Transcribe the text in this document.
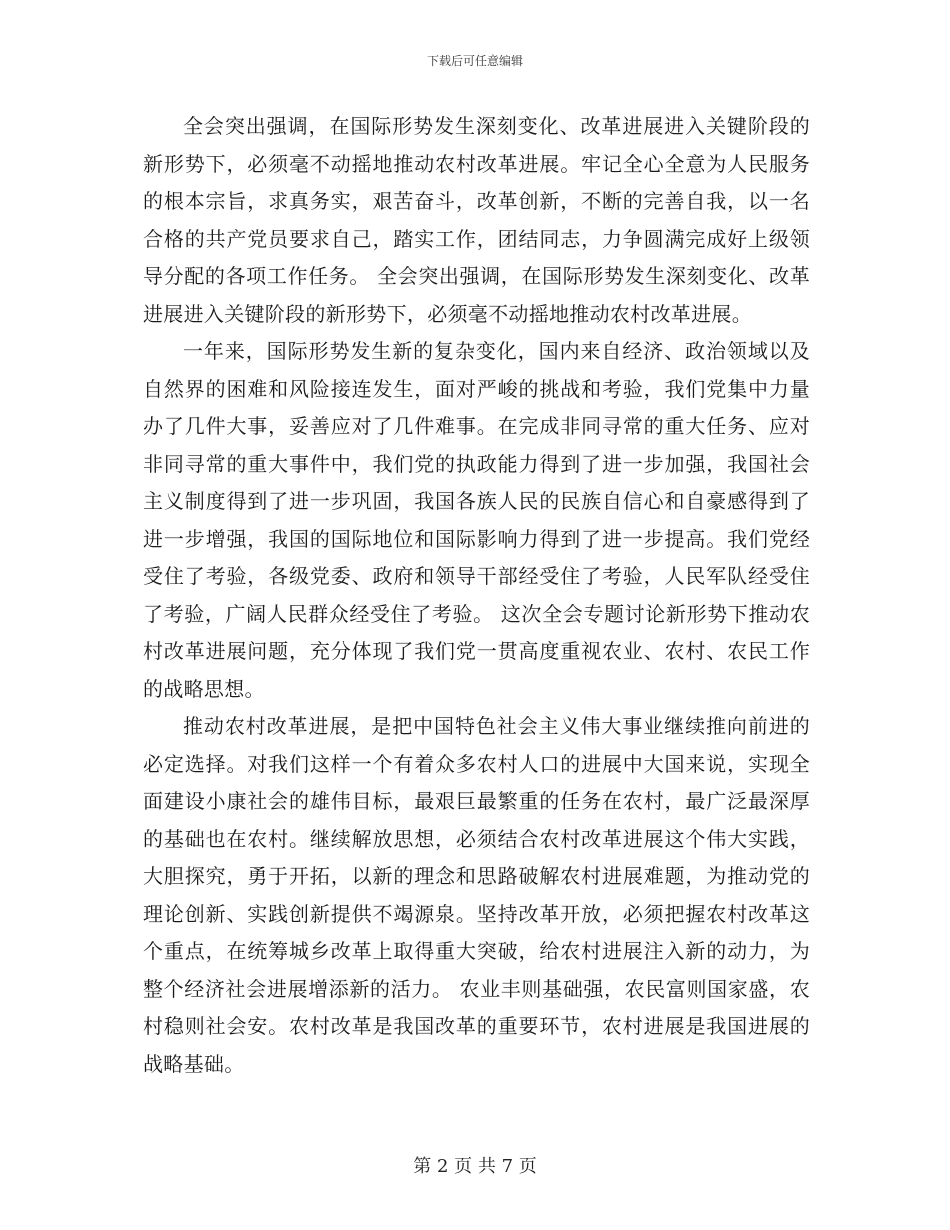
下载后可任意编辑

全会突出强调，在国际形势发生深刻变化、改革进展进入关键阶段的新形势下，必须毫不动摇地推动农村改革进展。牢记全心全意为人民服务的根本宗旨，求真务实，艰苦奋斗，改革创新，不断的完善自我，以一名合格的共产党员要求自己，踏实工作，团结同志，力争圆满完成好上级领导分配的各项工作任务。 全会突出强调，在国际形势发生深刻变化、改革进展进入关键阶段的新形势下，必须毫不动摇地推动农村改革进展。

一年来，国际形势发生新的复杂变化，国内来自经济、政治领域以及自然界的困难和风险接连发生，面对严峻的挑战和考验，我们党集中力量办了几件大事，妥善应对了几件难事。在完成非同寻常的重大任务、应对非同寻常的重大事件中，我们党的执政能力得到了进一步加强，我国社会主义制度得到了进一步巩固，我国各族人民的民族自信心和自豪感得到了进一步增强，我国的国际地位和国际影响力得到了进一步提高。我们党经受住了考验，各级党委、政府和领导干部经受住了考验，人民军队经受住了考验，广阔人民群众经受住了考验。 这次全会专题讨论新形势下推动农村改革进展问题，充分体现了我们党一贯高度重视农业、农村、农民工作的战略思想。

推动农村改革进展，是把中国特色社会主义伟大事业继续推向前进的必定选择。对我们这样一个有着众多农村人口的进展中大国来说，实现全面建设小康社会的雄伟目标，最艰巨最繁重的任务在农村，最广泛最深厚的基础也在农村。继续解放思想，必须结合农村改革进展这个伟大实践，大胆探究，勇于开拓，以新的理念和思路破解农村进展难题，为推动党的理论创新、实践创新提供不竭源泉。坚持改革开放，必须把握农村改革这个重点，在统筹城乡改革上取得重大突破，给农村进展注入新的动力，为整个经济社会进展增添新的活力。 农业丰则基础强，农民富则国家盛，农村稳则社会安。农村改革是我国改革的重要环节，农村进展是我国进展的战略基础。

第 2 页 共 7 页
